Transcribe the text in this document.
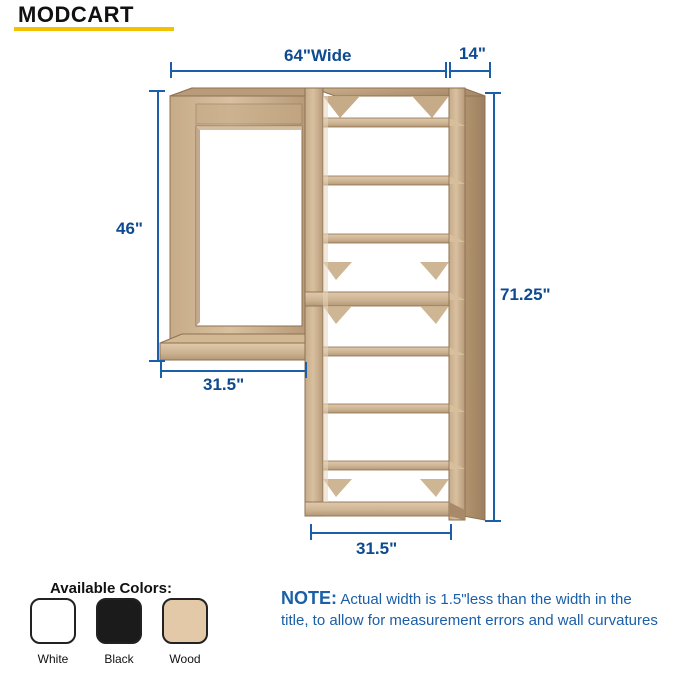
MODCART
64"Wide	14"
46"
31.5"
71.25"
31.5"
Available Colors:
White	Black	Wood
NOTE: Actual width is 1.5"less than the width in the title, to allow for measurement errors and wall curvatures
